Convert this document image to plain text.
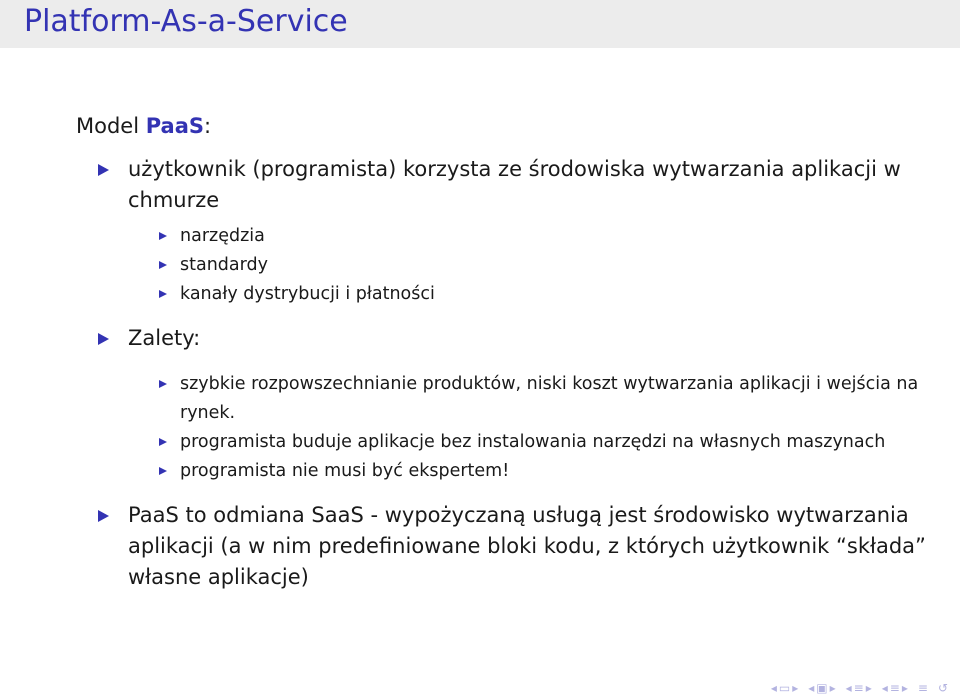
Platform-As-a-Service
Model PaaS:
użytkownik (programista) korzysta ze środowiska wytwarzania aplikacji w chmurze
narzędzia
standardy
kanały dystrybucji i płatności
Zalety:
szybkie rozpowszechnianie produktów, niski koszt wytwarzania aplikacji i wejścia na rynek.
programista buduje aplikacje bez instalowania narzędzi na własnych maszynach
programista nie musi być ekspertem!
PaaS to odmiana SaaS - wypożyczaną usługą jest środowisko wytwarzania aplikacji (a w nim predefiniowane bloki kodu, z których użytkownik “składa” własne aplikacje)
◂ ▭ ▸ ◂ ▣ ▸ ◂ ≡ ▸ ◂ ≡ ▸ ≡ ↺
